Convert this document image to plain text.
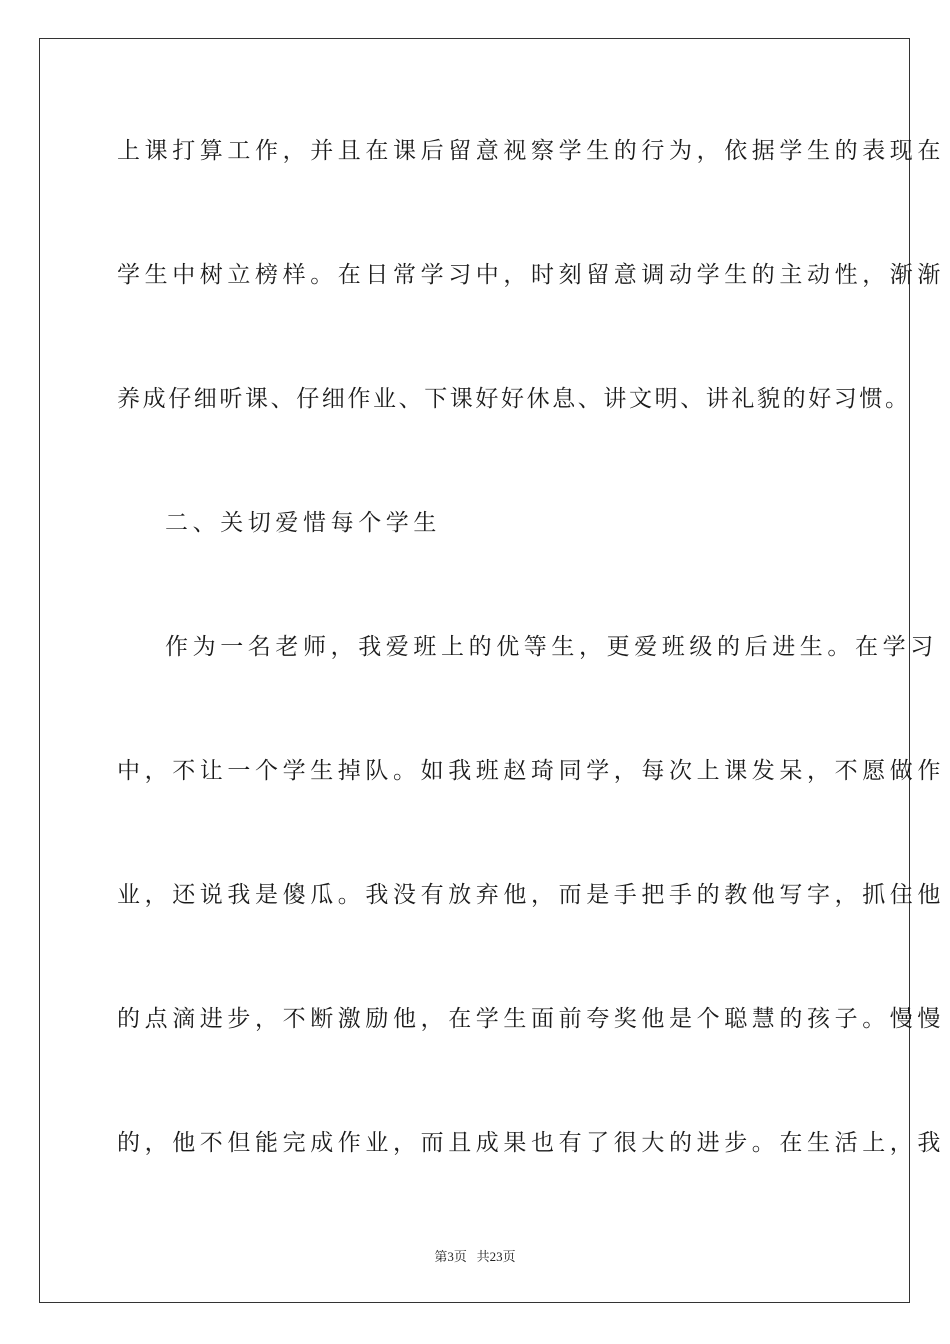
上课打算工作，并且在课后留意视察学生的行为，依据学生的表现在
学生中树立榜样。在日常学习中，时刻留意调动学生的主动性，渐渐
养成仔细听课、仔细作业、下课好好休息、讲文明、讲礼貌的好习惯。
二、关切爱惜每个学生
作为一名老师，我爱班上的优等生，更爱班级的后进生。在学习
中，不让一个学生掉队。如我班赵琦同学，每次上课发呆，不愿做作
业，还说我是傻瓜。我没有放弃他，而是手把手的教他写字，抓住他
的点滴进步，不断激励他，在学生面前夸奖他是个聪慧的孩子。慢慢
的，他不但能完成作业，而且成果也有了很大的进步。在生活上，我
第3页   共23页
